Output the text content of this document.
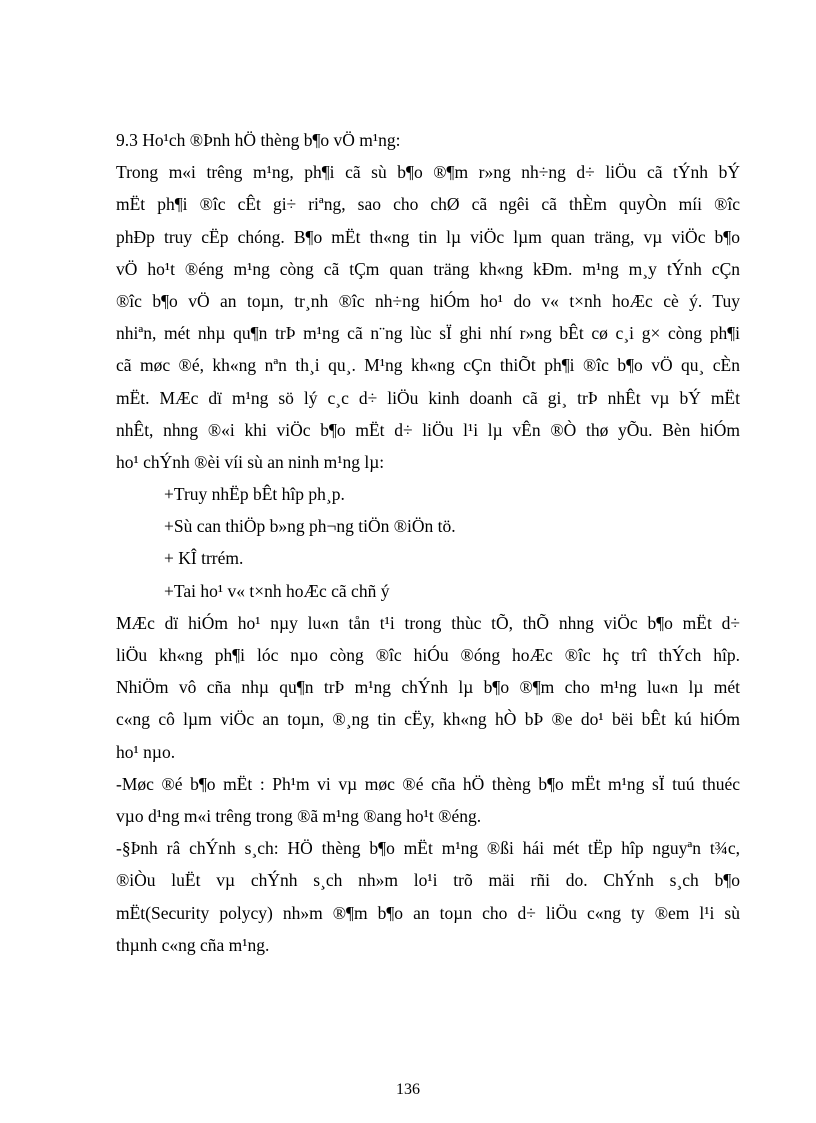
9.3 Ho¹ch ®Þnh hÖ thèng b¶o vÖ m¹ng:
Trong m«i trêng m¹ng, ph¶i cã sù b¶o ®¶m r»ng nh÷ng d÷ liÖu cã tÝnh bÝ
mËt ph¶i ®îc cÊt gi÷ riªng, sao cho chØ cã ngêi cã thÈm quyÒn míi ®îc
phÐp truy cËp chóng. B¶o mËt th«ng tin lµ viÖc lµm quan träng, vµ viÖc b¶o
vÖ ho¹t ®éng m¹ng còng cã tÇm quan träng kh«ng kÐm. m¹ng m¸y tÝnh cÇn
®îc b¶o vÖ an toµn, tr¸nh ®îc nh÷ng hiÓm ho¹ do v« t×nh hoÆc cè ý. Tuy
nhiªn, mét nhµ qu¶n trÞ m¹ng cã n¨ng lùc sÏ ghi nhí r»ng bÊt cø c¸i g× còng ph¶i
cã møc ®é, kh«ng nªn th¸i qu¸. M¹ng kh«ng cÇn thiÕt ph¶i ®îc b¶o vÖ qu¸ cÈn
mËt. MÆc dï m¹ng sö lý c¸c d÷ liÖu kinh doanh cã gi¸ trÞ nhÊt vµ bÝ mËt
nhÊt, nhng ®«i khi viÖc b¶o mËt d÷ liÖu l¹i lµ vÊn ®Ò thø yÕu. Bèn hiÓm
ho¹ chÝnh ®èi víi sù an ninh m¹ng lµ:
+Truy nhËp bÊt hîp ph¸p.
+Sù can thiÖp b»ng ph¬ng tiÖn ®iÖn tö.
+ KÎ trrém.
+Tai ho¹ v« t×nh hoÆc cã chñ ý
MÆc dï hiÓm ho¹ nµy lu«n tån t¹i trong thùc tÕ, thÕ nhng viÖc b¶o mËt d÷
liÖu kh«ng ph¶i lóc nµo còng ®îc hiÓu ®óng hoÆc ®îc hç trî thÝch hîp.
NhiÖm vô cña nhµ qu¶n trÞ m¹ng chÝnh lµ b¶o ®¶m cho m¹ng lu«n lµ mét
c«ng cô lµm viÖc an toµn, ®¸ng tin cËy, kh«ng hÒ bÞ ®e do¹ bëi bÊt kú hiÓm
ho¹ nµo.
-Møc ®é b¶o mËt : Ph¹m vi vµ møc ®é cña hÖ thèng b¶o mËt m¹ng sÏ tuú thuéc
vµo d¹ng m«i trêng trong ®ã m¹ng ®ang ho¹t ®éng.
-§Þnh râ chÝnh s¸ch: HÖ thèng b¶o mËt m¹ng ®ßi hái mét tËp hîp nguyªn t¾c,
®iÒu luËt vµ chÝnh s¸ch nh»m lo¹i trõ mäi rñi do. ChÝnh s¸ch b¶o
mËt(Security polycy) nh»m ®¶m b¶o an toµn cho d÷ liÖu c«ng ty ®em l¹i sù
thµnh c«ng cña m¹ng.
136
